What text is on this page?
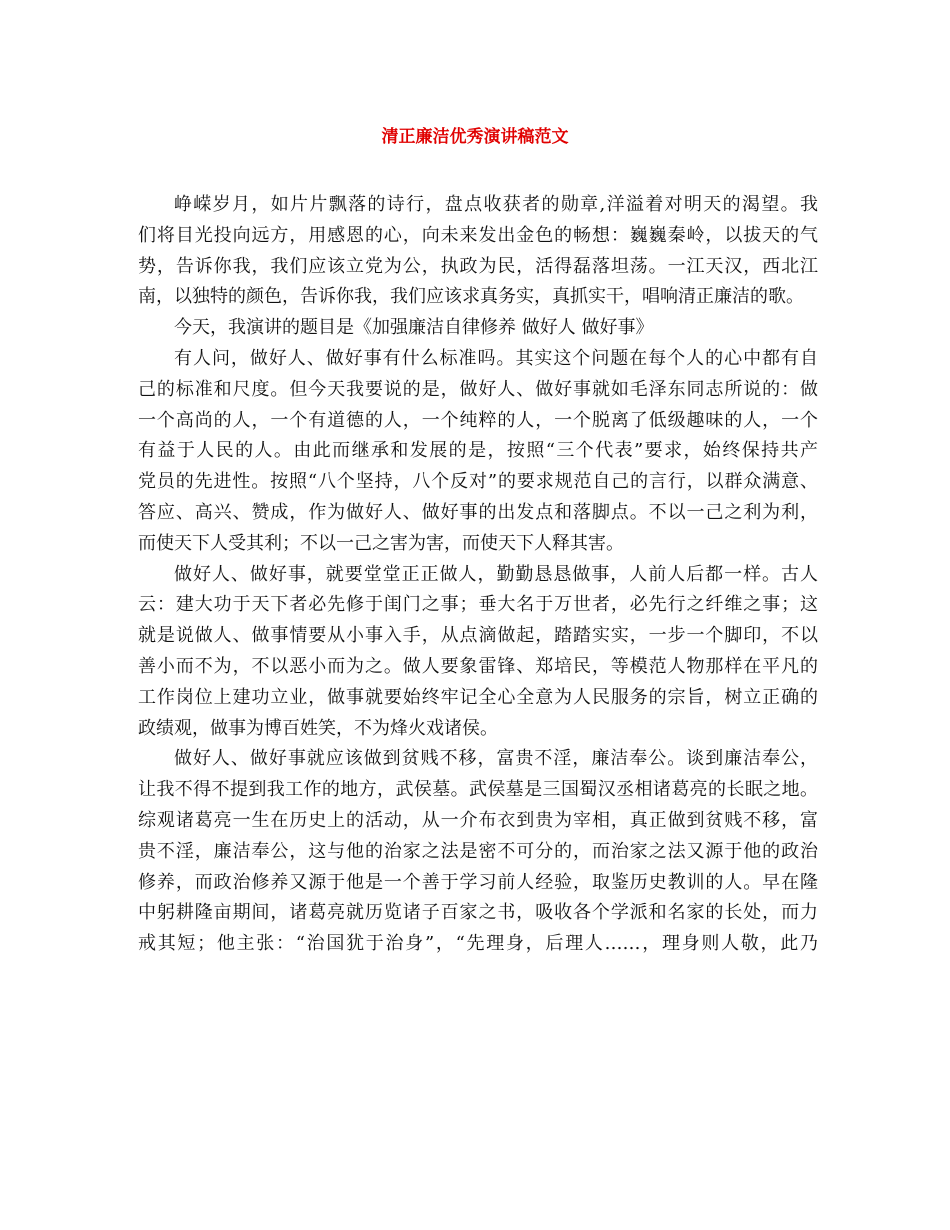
清正廉洁优秀演讲稿范文
峥嵘岁月，如片片飘落的诗行，盘点收获者的勋章,洋溢着对明天的渴望。我
们将目光投向远方，用感恩的心，向未来发出金色的畅想：巍巍秦岭，以拔天的气
势，告诉你我，我们应该立党为公，执政为民，活得磊落坦荡。一江天汉，西北江
南，以独特的颜色，告诉你我，我们应该求真务实，真抓实干，唱响清正廉洁的歌。
今天，我演讲的题目是《加强廉洁自律修养 做好人 做好事》
有人问，做好人、做好事有什么标准吗。其实这个问题在每个人的心中都有自
己的标准和尺度。但今天我要说的是，做好人、做好事就如毛泽东同志所说的：做
一个高尚的人，一个有道德的人，一个纯粹的人，一个脱离了低级趣味的人，一个
有益于人民的人。由此而继承和发展的是，按照“三个代表”要求，始终保持共产
党员的先进性。按照“八个坚持，八个反对”的要求规范自己的言行，以群众满意、
答应、高兴、赞成，作为做好人、做好事的出发点和落脚点。不以一己之利为利，
而使天下人受其利；不以一己之害为害，而使天下人释其害。
做好人、做好事，就要堂堂正正做人，勤勤恳恳做事，人前人后都一样。古人
云：建大功于天下者必先修于闺门之事；垂大名于万世者，必先行之纤维之事；这
就是说做人、做事情要从小事入手，从点滴做起，踏踏实实，一步一个脚印，不以
善小而不为，不以恶小而为之。做人要象雷锋、郑培民，等模范人物那样在平凡的
工作岗位上建功立业，做事就要始终牢记全心全意为人民服务的宗旨，树立正确的
政绩观，做事为博百姓笑，不为烽火戏诸侯。
做好人、做好事就应该做到贫贱不移，富贵不淫，廉洁奉公。谈到廉洁奉公，
让我不得不提到我工作的地方，武侯墓。武侯墓是三国蜀汉丞相诸葛亮的长眠之地。
综观诸葛亮一生在历史上的活动，从一介布衣到贵为宰相，真正做到贫贱不移，富
贵不淫，廉洁奉公，这与他的治家之法是密不可分的，而治家之法又源于他的政治
修养，而政治修养又源于他是一个善于学习前人经验，取鉴历史教训的人。早在隆
中躬耕隆亩期间，诸葛亮就历览诸子百家之书，吸收各个学派和名家的长处，而力
戒其短；他主张：“治国犹于治身”，“先理身，后理人……，理身则人敬，此乃
